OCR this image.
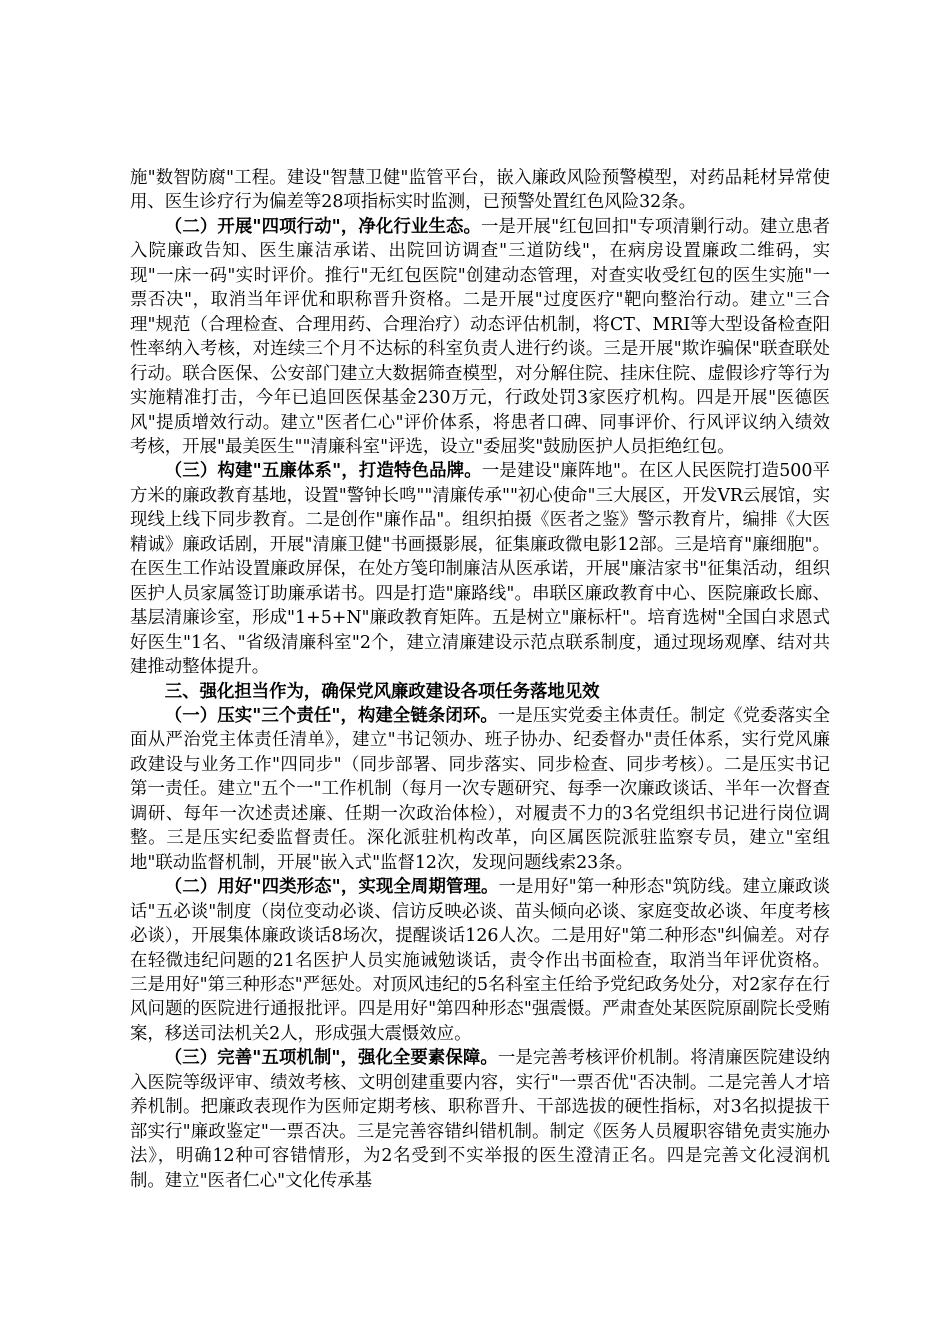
施"数智防腐"工程。建设"智慧卫健"监管平台，嵌入廉政风险预警模型，对药品耗材异常使用、医生诊疗行为偏差等28项指标实时监测，已预警处置红色风险32条。

（二）开展"四项行动"，净化行业生态。一是开展"红包回扣"专项清剿行动。建立患者入院廉政告知、医生廉洁承诺、出院回访调查"三道防线"，在病房设置廉政二维码，实现"一床一码"实时评价。推行"无红包医院"创建动态管理，对查实收受红包的医生实施"一票否决"，取消当年评优和职称晋升资格。二是开展"过度医疗"靶向整治行动。建立"三合理"规范（合理检查、合理用药、合理治疗）动态评估机制，将CT、MRI等大型设备检查阳性率纳入考核，对连续三个月不达标的科室负责人进行约谈。三是开展"欺诈骗保"联查联处行动。联合医保、公安部门建立大数据筛查模型，对分解住院、挂床住院、虚假诊疗等行为实施精准打击，今年已追回医保基金230万元，行政处罚3家医疗机构。四是开展"医德医风"提质增效行动。建立"医者仁心"评价体系，将患者口碑、同事评价、行风评议纳入绩效考核，开展"最美医生""清廉科室"评选，设立"委屈奖"鼓励医护人员拒绝红包。

（三）构建"五廉体系"，打造特色品牌。一是建设"廉阵地"。在区人民医院打造500平方米的廉政教育基地，设置"警钟长鸣""清廉传承""初心使命"三大展区，开发VR云展馆，实现线上线下同步教育。二是创作"廉作品"。组织拍摄《医者之鉴》警示教育片，编排《大医精诚》廉政话剧，开展"清廉卫健"书画摄影展，征集廉政微电影12部。三是培育"廉细胞"。在医生工作站设置廉政屏保，在处方笺印制廉洁从医承诺，开展"廉洁家书"征集活动，组织医护人员家属签订助廉承诺书。四是打造"廉路线"。串联区廉政教育中心、医院廉政长廊、基层清廉诊室，形成"1+5+N"廉政教育矩阵。五是树立"廉标杆"。培育选树"全国白求恩式好医生"1名、"省级清廉科室"2个，建立清廉建设示范点联系制度，通过现场观摩、结对共建推动整体提升。

三、强化担当作为，确保党风廉政建设各项任务落地见效

（一）压实"三个责任"，构建全链条闭环。一是压实党委主体责任。制定《党委落实全面从严治党主体责任清单》，建立"书记领办、班子协办、纪委督办"责任体系，实行党风廉政建设与业务工作"四同步"（同步部署、同步落实、同步检查、同步考核）。二是压实书记第一责任。建立"五个一"工作机制（每月一次专题研究、每季一次廉政谈话、半年一次督查调研、每年一次述责述廉、任期一次政治体检），对履责不力的3名党组织书记进行岗位调整。三是压实纪委监督责任。深化派驻机构改革，向区属医院派驻监察专员，建立"室组地"联动监督机制，开展"嵌入式"监督12次，发现问题线索23条。

（二）用好"四类形态"，实现全周期管理。一是用好"第一种形态"筑防线。建立廉政谈话"五必谈"制度（岗位变动必谈、信访反映必谈、苗头倾向必谈、家庭变故必谈、年度考核必谈），开展集体廉政谈话8场次，提醒谈话126人次。二是用好"第二种形态"纠偏差。对存在轻微违纪问题的21名医护人员实施诫勉谈话，责令作出书面检查，取消当年评优资格。三是用好"第三种形态"严惩处。对顶风违纪的5名科室主任给予党纪政务处分，对2家存在行风问题的医院进行通报批评。四是用好"第四种形态"强震慑。严肃查处某医院原副院长受贿案，移送司法机关2人，形成强大震慑效应。

（三）完善"五项机制"，强化全要素保障。一是完善考核评价机制。将清廉医院建设纳入医院等级评审、绩效考核、文明创建重要内容，实行"一票否优"否决制。二是完善人才培养机制。把廉政表现作为医师定期考核、职称晋升、干部选拔的硬性指标，对3名拟提拔干部实行"廉政鉴定"一票否决。三是完善容错纠错机制。制定《医务人员履职容错免责实施办法》，明确12种可容错情形，为2名受到不实举报的医生澄清正名。四是完善文化浸润机制。建立"医者仁心"文化传承基
